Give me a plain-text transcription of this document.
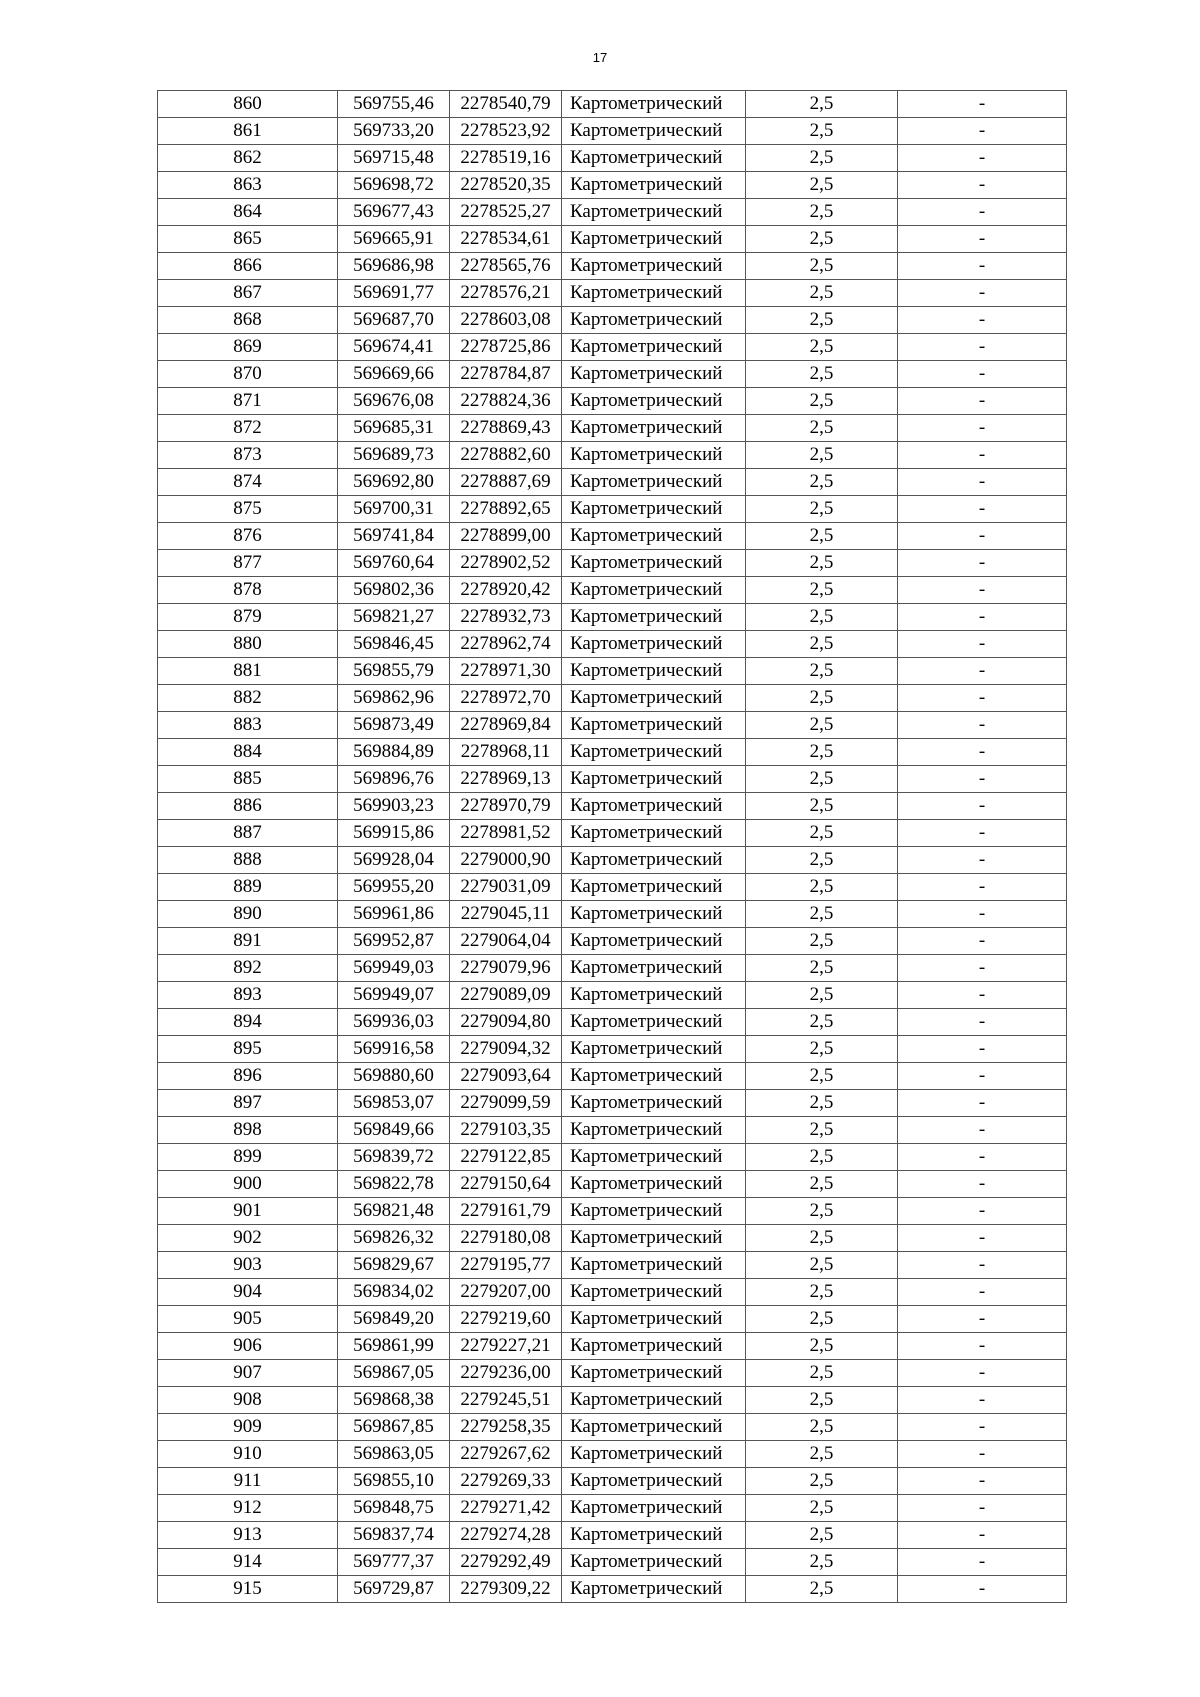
17
860	569755,46	2278540,79	Картометрический	2,5	-
861	569733,20	2278523,92	Картометрический	2,5	-
862	569715,48	2278519,16	Картометрический	2,5	-
863	569698,72	2278520,35	Картометрический	2,5	-
864	569677,43	2278525,27	Картометрический	2,5	-
865	569665,91	2278534,61	Картометрический	2,5	-
866	569686,98	2278565,76	Картометрический	2,5	-
867	569691,77	2278576,21	Картометрический	2,5	-
868	569687,70	2278603,08	Картометрический	2,5	-
869	569674,41	2278725,86	Картометрический	2,5	-
870	569669,66	2278784,87	Картометрический	2,5	-
871	569676,08	2278824,36	Картометрический	2,5	-
872	569685,31	2278869,43	Картометрический	2,5	-
873	569689,73	2278882,60	Картометрический	2,5	-
874	569692,80	2278887,69	Картометрический	2,5	-
875	569700,31	2278892,65	Картометрический	2,5	-
876	569741,84	2278899,00	Картометрический	2,5	-
877	569760,64	2278902,52	Картометрический	2,5	-
878	569802,36	2278920,42	Картометрический	2,5	-
879	569821,27	2278932,73	Картометрический	2,5	-
880	569846,45	2278962,74	Картометрический	2,5	-
881	569855,79	2278971,30	Картометрический	2,5	-
882	569862,96	2278972,70	Картометрический	2,5	-
883	569873,49	2278969,84	Картометрический	2,5	-
884	569884,89	2278968,11	Картометрический	2,5	-
885	569896,76	2278969,13	Картометрический	2,5	-
886	569903,23	2278970,79	Картометрический	2,5	-
887	569915,86	2278981,52	Картометрический	2,5	-
888	569928,04	2279000,90	Картометрический	2,5	-
889	569955,20	2279031,09	Картометрический	2,5	-
890	569961,86	2279045,11	Картометрический	2,5	-
891	569952,87	2279064,04	Картометрический	2,5	-
892	569949,03	2279079,96	Картометрический	2,5	-
893	569949,07	2279089,09	Картометрический	2,5	-
894	569936,03	2279094,80	Картометрический	2,5	-
895	569916,58	2279094,32	Картометрический	2,5	-
896	569880,60	2279093,64	Картометрический	2,5	-
897	569853,07	2279099,59	Картометрический	2,5	-
898	569849,66	2279103,35	Картометрический	2,5	-
899	569839,72	2279122,85	Картометрический	2,5	-
900	569822,78	2279150,64	Картометрический	2,5	-
901	569821,48	2279161,79	Картометрический	2,5	-
902	569826,32	2279180,08	Картометрический	2,5	-
903	569829,67	2279195,77	Картометрический	2,5	-
904	569834,02	2279207,00	Картометрический	2,5	-
905	569849,20	2279219,60	Картометрический	2,5	-
906	569861,99	2279227,21	Картометрический	2,5	-
907	569867,05	2279236,00	Картометрический	2,5	-
908	569868,38	2279245,51	Картометрический	2,5	-
909	569867,85	2279258,35	Картометрический	2,5	-
910	569863,05	2279267,62	Картометрический	2,5	-
911	569855,10	2279269,33	Картометрический	2,5	-
912	569848,75	2279271,42	Картометрический	2,5	-
913	569837,74	2279274,28	Картометрический	2,5	-
914	569777,37	2279292,49	Картометрический	2,5	-
915	569729,87	2279309,22	Картометрический	2,5	-
